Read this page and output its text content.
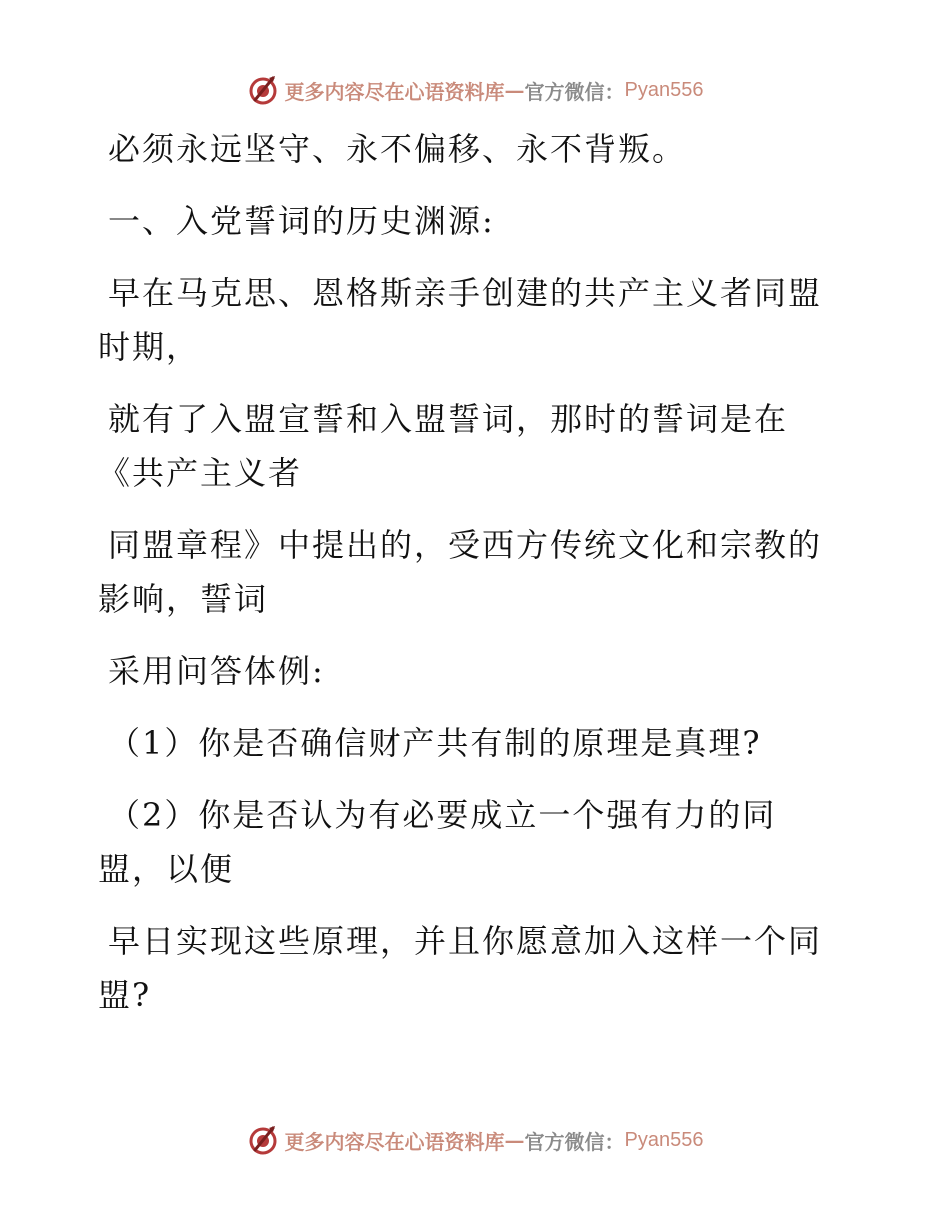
更多内容尽在心语资料库 — 官方微信： Pyan556

必须永远坚守、永不偏移、永不背叛。

一、入党誓词的历史渊源:

早在马克思、恩格斯亲手创建的共产主义者同盟时期，

就有了入盟宣誓和入盟誓词，那时的誓词是在《共产主义者

同盟章程》中提出的，受西方传统文化和宗教的影响，誓词

采用问答体例:

（1）你是否确信财产共有制的原理是真理?

（2）你是否认为有必要成立一个强有力的同盟，以便

早日实现这些原理，并且你愿意加入这样一个同盟?

更多内容尽在心语资料库 — 官方微信： Pyan556
